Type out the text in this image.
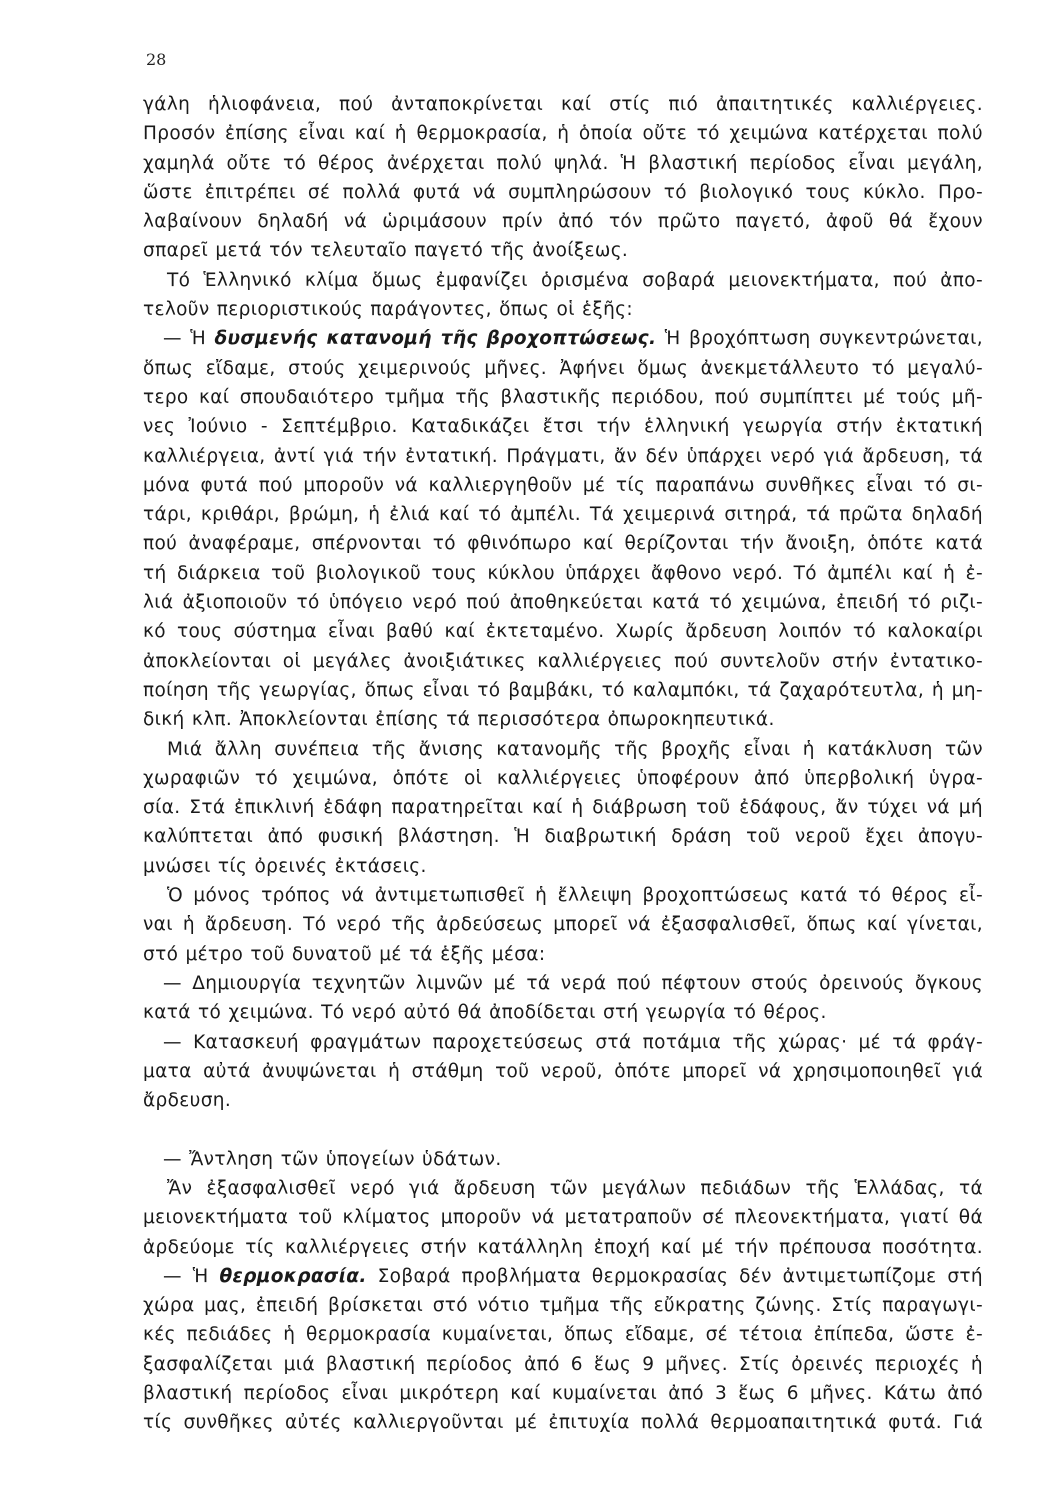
28
γάλη ἡλιοφάνεια, πού ἀνταποκρίνεται καί στίς πιό ἀπαιτητικές καλλιέργειες.
Προσόν ἐπίσης εἶναι καί ἡ θερμοκρασία, ἡ ὁποία οὔτε τό χειμώνα κατέρχεται πολύ
χαμηλά οὔτε τό θέρος ἀνέρχεται πολύ ψηλά. Ἡ βλαστική περίοδος εἶναι μεγάλη,
ὥστε ἐπιτρέπει σέ πολλά φυτά νά συμπληρώσουν τό βιολογικό τους κύκλο. Προ-
λαβαίνουν δηλαδή νά ὡριμάσουν πρίν ἀπό τόν πρῶτο παγετό, ἀφοῦ θά ἔχουν
σπαρεῖ μετά τόν τελευταῖο παγετό τῆς ἀνοίξεως.
Τό Ἑλληνικό κλίμα ὅμως ἐμφανίζει ὁρισμένα σοβαρά μειονεκτήματα, πού ἀπο-
τελοῦν περιοριστικούς παράγοντες, ὅπως οἱ ἑξῆς:
— Ἡ δυσμενής κατανομή τῆς βροχοπτώσεως. Ἡ βροχόπτωση συγκεντρώνεται,
ὅπως εἴδαμε, στούς χειμερινούς μῆνες. Ἀφήνει ὅμως ἀνεκμετάλλευτο τό μεγαλύ-
τερο καί σπουδαιότερο τμῆμα τῆς βλαστικῆς περιόδου, πού συμπίπτει μέ τούς μῆ-
νες Ἰούνιο - Σεπτέμβριο. Καταδικάζει ἔτσι τήν ἑλληνική γεωργία στήν ἐκτατική
καλλιέργεια, ἀντί γιά τήν ἐντατική. Πράγματι, ἄν δέν ὑπάρχει νερό γιά ἄρδευση, τά
μόνα φυτά πού μποροῦν νά καλλιεργηθοῦν μέ τίς παραπάνω συνθῆκες εἶναι τό σι-
τάρι, κριθάρι, βρώμη, ἡ ἐλιά καί τό ἀμπέλι. Τά χειμερινά σιτηρά, τά πρῶτα δηλαδή
πού ἀναφέραμε, σπέρνονται τό φθινόπωρο καί θερίζονται τήν ἄνοιξη, ὁπότε κατά
τή διάρκεια τοῦ βιολογικοῦ τους κύκλου ὑπάρχει ἄφθονο νερό. Τό ἀμπέλι καί ἡ ἐ-
λιά ἀξιοποιοῦν τό ὑπόγειο νερό πού ἀποθηκεύεται κατά τό χειμώνα, ἐπειδή τό ριζι-
κό τους σύστημα εἶναι βαθύ καί ἐκτεταμένο. Χωρίς ἄρδευση λοιπόν τό καλοκαίρι
ἀποκλείονται οἱ μεγάλες ἀνοιξιάτικες καλλιέργειες πού συντελοῦν στήν ἐντατικο-
ποίηση τῆς γεωργίας, ὅπως εἶναι τό βαμβάκι, τό καλαμπόκι, τά ζαχαρότευτλα, ἡ μη-
δική κλπ. Ἀποκλείονται ἐπίσης τά περισσότερα ὀπωροκηπευτικά.
Μιά ἄλλη συνέπεια τῆς ἄνισης κατανομῆς τῆς βροχῆς εἶναι ἡ κατάκλυση τῶν
χωραφιῶν τό χειμώνα, ὁπότε οἱ καλλιέργειες ὑποφέρουν ἀπό ὑπερβολική ὑγρα-
σία. Στά ἐπικλινή ἐδάφη παρατηρεῖται καί ἡ διάβρωση τοῦ ἐδάφους, ἄν τύχει νά μή
καλύπτεται ἀπό φυσική βλάστηση. Ἡ διαβρωτική δράση τοῦ νεροῦ ἔχει ἀπογυ-
μνώσει τίς ὀρεινές ἐκτάσεις.
Ὁ μόνος τρόπος νά ἀντιμετωπισθεῖ ἡ ἔλλειψη βροχοπτώσεως κατά τό θέρος εἶ-
ναι ἡ ἄρδευση. Τό νερό τῆς ἀρδεύσεως μπορεῖ νά ἐξασφαλισθεῖ, ὅπως καί γίνεται,
στό μέτρο τοῦ δυνατοῦ μέ τά ἑξῆς μέσα:
— Δημιουργία τεχνητῶν λιμνῶν μέ τά νερά πού πέφτουν στούς ὀρεινούς ὄγκους
κατά τό χειμώνα. Τό νερό αὐτό θά ἀποδίδεται στή γεωργία τό θέρος.
— Κατασκευή φραγμάτων παροχετεύσεως στά ποτάμια τῆς χώρας· μέ τά φράγ-
ματα αὐτά ἀνυψώνεται ἡ στάθμη τοῦ νεροῦ, ὁπότε μπορεῖ νά χρησιμοποιηθεῖ γιά
ἄρδευση.
— Ἄντληση τῶν ὑπογείων ὑδάτων.
Ἄν ἐξασφαλισθεῖ νερό γιά ἄρδευση τῶν μεγάλων πεδιάδων τῆς Ἑλλάδας, τά
μειονεκτήματα τοῦ κλίματος μποροῦν νά μετατραποῦν σέ πλεονεκτήματα, γιατί θά
ἀρδεύομε τίς καλλιέργειες στήν κατάλληλη ἐποχή καί μέ τήν πρέπουσα ποσότητα.
— Ἡ θερμοκρασία. Σοβαρά προβλήματα θερμοκρασίας δέν ἀντιμετωπίζομε στή
χώρα μας, ἐπειδή βρίσκεται στό νότιο τμῆμα τῆς εὔκρατης ζώνης. Στίς παραγωγι-
κές πεδιάδες ἡ θερμοκρασία κυμαίνεται, ὅπως εἴδαμε, σέ τέτοια ἐπίπεδα, ὥστε ἐ-
ξασφαλίζεται μιά βλαστική περίοδος ἀπό 6 ἕως 9 μῆνες. Στίς ὀρεινές περιοχές ἡ
βλαστική περίοδος εἶναι μικρότερη καί κυμαίνεται ἀπό 3 ἕως 6 μῆνες. Κάτω ἀπό
τίς συνθῆκες αὐτές καλλιεργοῦνται μέ ἐπιτυχία πολλά θερμοαπαιτητικά φυτά. Γιά
